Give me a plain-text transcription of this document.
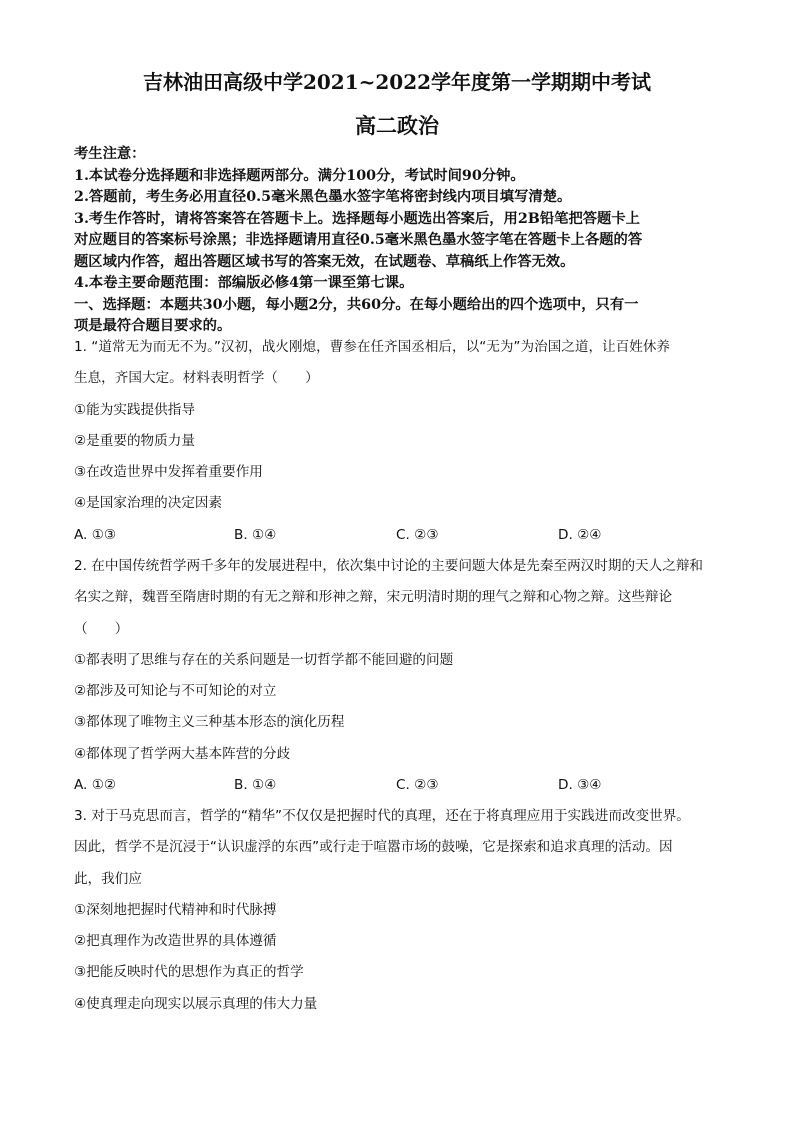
吉林油田高级中学2021~2022学年度第一学期期中考试
高二政治
考生注意：
1.本试卷分选择题和非选择题两部分。满分100分，考试时间90分钟。
2.答题前，考生务必用直径0.5毫米黑色墨水签字笔将密封线内项目填写清楚。
3.考生作答时，请将答案答在答题卡上。选择题每小题选出答案后，用2B铅笔把答题卡上
对应题目的答案标号涂黑；非选择题请用直径0.5毫米黑色墨水签字笔在答题卡上各题的答
题区域内作答，超出答题区域书写的答案无效，在试题卷、草稿纸上作答无效。
4.本卷主要命题范围：部编版必修4第一课至第七课。
一、选择题：本题共30小题，每小题2分，共60分。在每小题给出的四个选项中，只有一
项是最符合题目要求的。
1. “道常无为而无不为。”汉初，战火刚熄，曹参在任齐国丞相后，以“无为”为治国之道，让百姓休养
生息，齐国大定。材料表明哲学（　　）
①能为实践提供指导
②是重要的物质力量
③在改造世界中发挥着重要作用
④是国家治理的决定因素
A. ①③	B. ①④	C. ②③	D. ②④
2. 在中国传统哲学两千多年的发展进程中，依次集中讨论的主要问题大体是先秦至两汉时期的天人之辩和
名实之辩，魏晋至隋唐时期的有无之辩和形神之辩，宋元明清时期的理气之辩和心物之辩。这些辩论
（　　）
①都表明了思维与存在的关系问题是一切哲学都不能回避的问题
②都涉及可知论与不可知论的对立
③都体现了唯物主义三种基本形态的演化历程
④都体现了哲学两大基本阵营的分歧
A. ①②	B. ①④	C. ②③	D. ③④
3. 对于马克思而言，哲学的“精华”不仅仅是把握时代的真理，还在于将真理应用于实践进而改变世界。
因此，哲学不是沉浸于“认识虚浮的东西”或行走于喧嚣市场的鼓噪，它是探索和追求真理的活动。因
此，我们应
①深刻地把握时代精神和时代脉搏
②把真理作为改造世界的具体遵循
③把能反映时代的思想作为真正的哲学
④使真理走向现实以展示真理的伟大力量
